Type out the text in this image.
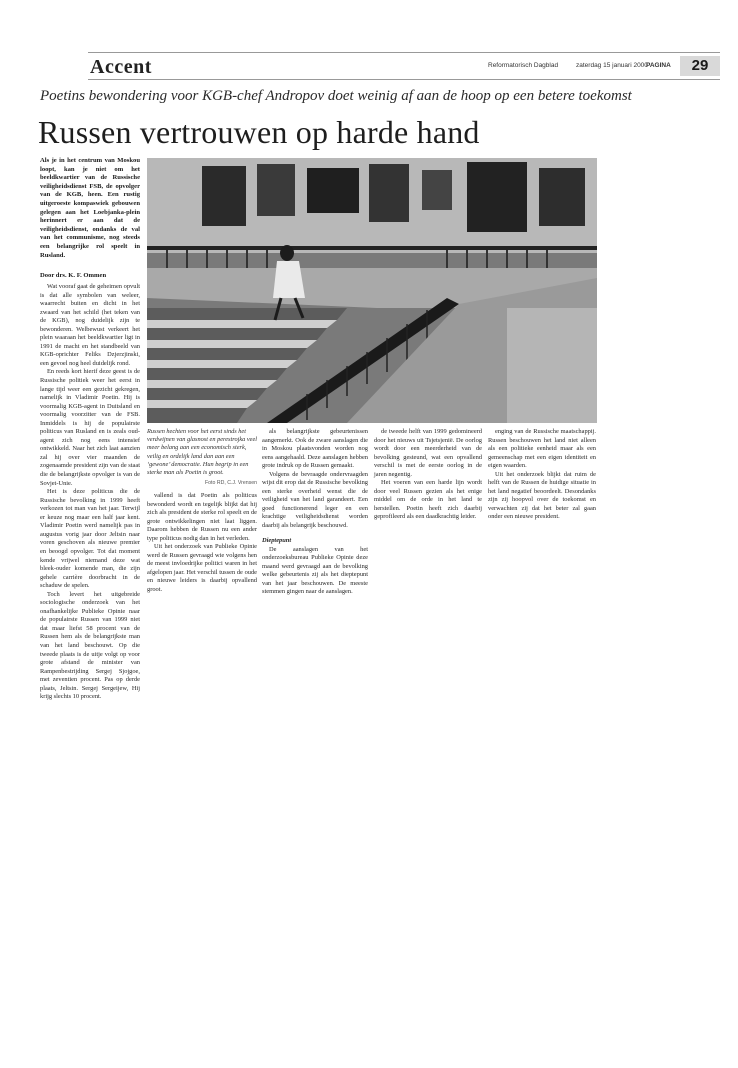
Accent	Reformatorisch Dagblad	zaterdag 15 januari 2000
PAGINA	29
Poetins bewondering voor KGB-chef Andropov doet weinig af aan de hoop op een betere toekomst
Russen vertrouwen op harde hand
Als je in het centrum van Moskou loopt, kan je niet om het beeldkwartier van de Russische veiligheidsdienst FSB, de opvolger van de KGB, heen. Een rustig uitgeroeste kompaswiek gebouwen gelegen aan het Loebjanka-plein herinnert er aan dat de veiligheidsdienst, ondanks de val van het communisme, nog steeds een belangrijke rol speelt in Rusland.
Door drs. K. F. Ommen

Wat vooraf gaat de geheimen opvult is dat alle symbolen van weleer, waarrecht buiten en dicht in het zwaard van het schild (het teken van de KGB), nog duidelijk zijn te bewonderen. Welbewust verkeert het plein waaraan het beeldkwartier ligt in 1991 de macht en het standbeeld van KGB-oprichter Feliks Dzjerzjinski, een gevoel nog heel duidelijk rond.

En reeds kort hierif deze geest is de Russische politiek weer het eerst in lange tijd weer een gezicht gekregen, namelijk in Vladimir Poetin. Hij is voormalig KGB-agent in Duitsland en voormalig voorzitter van de FSB. Inmiddels is hij de populairste politicus van Rusland en is zeals oud-agent zich nog eens intensief ontwikkeld. Naar het zich laat aanzien zal hij over vier maanden de zogenaamde president zijn van de staat die de belangrijkste opvolger is van de Sovjet-Unie.

Het is deze politicus die de Russische bevolking in 1999 heeft verkozen tot man van het jaar. Terwijl er keuze nog maar een half jaar kent. Vladimir Poetin werd namelijk pas in augustus vorig jaar door Jeltsin naar voren geschoven als nieuwe premier en beoogd opvolger. Tot dat moment kende vrijwel niemand deze wat bleek-ouder komende man, die zijn gehele carrière doorbracht in de schaduw de spelen.

Toch levert het uitgebreide sociologische onderzoek van het onafhankelijke Publieke Opinie naar de populairste Russen van 1999 niet dat maar liefst 58 procent van de Russen hem als de belangrijkste man van het land beschouwt. Op die tweede plaats is de uitje volgt op voor grote afstand de minister van Rampenbestrijding Sergej Sjojgoe, met zeventien procent. Pas op derde plaats, Jeltsin. Sergej Sergeijew, Hij krijg slechts 10 procent.

Russen hechten voor het eerst sinds het verdwijnen van glasnost en perestrojka veel meer belang aan een economisch sterk, veilig en ordelijk land dan aan een ‘gewone’ democratie. Hun begrip in een sterke man als Poetin is groot.
Foto RD, C.J. Vrensen

vallend is dat Poetin als politicus bewonderd wordt en tegelijk blijkt dat hij zich als president de sterke rol speelt en de grote ontwikkelingen niet laat liggen. Daarom hebben de Russen nu een ander type politicus nodig dan in het verleden.

Uit het onderzoek van Publieke Opinie werd de Russen gevraagd wie volgens hen de meest invloedrijke politici waren in het afgelopen jaar. Het verschil tussen de oude en nieuwe leiders is daarbij opvallend groot.

als belangrijkste gebeurtenissen aangemerkt. Ook de zware aanslagen die in Moskou plaatsvonden worden nog eens aangehaald. Deze aanslagen hebben grote indruk op de Russen gemaakt.

Volgens de bevraagde ondervraagden wijst dit erop dat de Russische bevolking een sterke overheid wenst die de veiligheid van het land garandeert. Een goed functionerend leger en een krachtige veiligheidsdienst worden daarbij als belangrijk beschouwd.

Dieptepunt

De aanslagen van het onderzoeksbureau Publieke Opinie deze maand werd gevraagd aan de bevolking welke gebeurtenis zij als het dieptepunt van het jaar beschouwen. De meeste stemmen gingen naar de aanslagen.

de tweede helft van 1999 gedomineerd door het nieuws uit Tsjetsjenië. De oorlog wordt door een meerderheid van de bevolking gesteund, wat een opvallend verschil is met de eerste oorlog in de jaren negentig.

Het voeren van een harde lijn wordt door veel Russen gezien als het enige middel om de orde in het land te herstellen. Poetin heeft zich daarbij geprofileerd als een daadkrachtig leider.

enging van de Russische maatschappij. Russen beschouwen het land niet alleen als een politieke eenheid maar als een gemeenschap met een eigen identiteit en eigen waarden.

Uit het onderzoek blijkt dat ruim de helft van de Russen de huidige situatie in het land negatief beoordeelt. Desondanks zijn zij hoopvol over de toekomst en verwachten zij dat het beter zal gaan onder een nieuwe president.
